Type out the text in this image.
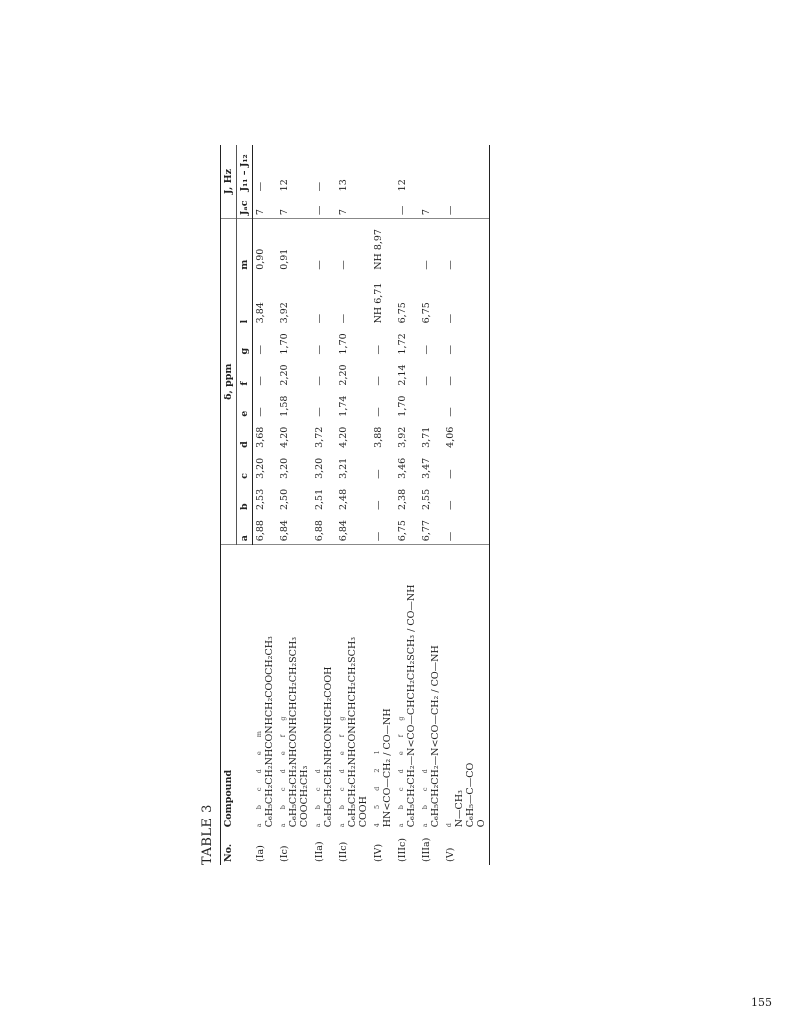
TABLE 3 No.	Compound	δ, ppm									J, Hz	
		a	b	c	d	e	f	g	l	m	Jₐc	J₁₁ – J₁₂
(Ia)	a b c d e m C₆H₅CH₂CH₂NHCONHCH₂COOCH₂CH₃	6,88	2,53	3,20	3,68	—	—	—	3,84	0,90	7	—
(Ic)	a b c d e f g C₆H₅CH₂CH₂NHCONHCHCH₂CH₂SCH₃ COOCH₂CH₃	6,84	2,50	3,20	4,20	1,58	2,20	1,70	3,92	0,91	7	12
(IIa)	a b c d C₆H₅CH₂CH₂NHCONHCH₂COOH	6,88	2,51	3,20	3,72	—	—	—	—	—	—	—
(IIc)	a b c d e f g C₆H₅CH₂CH₂NHCONHCHCH₂CH₂SCH₃ COOH	6,84	2,48	3,21	4,20	1,74	2,20	1,70	—	—	7	13
(IV)	4 5 d 2 1 HN<CO—CH₂ / CO—NH	—	—	—	3,88	—	—	—	NH 6,71	NH 8,97		
(IIIc)	a b c d e f g C₆H₅CH₂CH₂—N<CO—CHCH₂CH₂SCH₃ / CO—NH	6,75	2,38	3,46	3,92	1,70	2,14	1,72	6,75		—	12
(IIIa)	a b c d C₆H₅CH₂CH₂—N<CO—CH₂ / CO—NH	6,77	2,55	3,47	3,71		—	—	6,75	—	7	
(V)	d N—CH₃ C₆H₅—C—CO O	—	—	—	4,06	—	—	—	—	—	—	
155
